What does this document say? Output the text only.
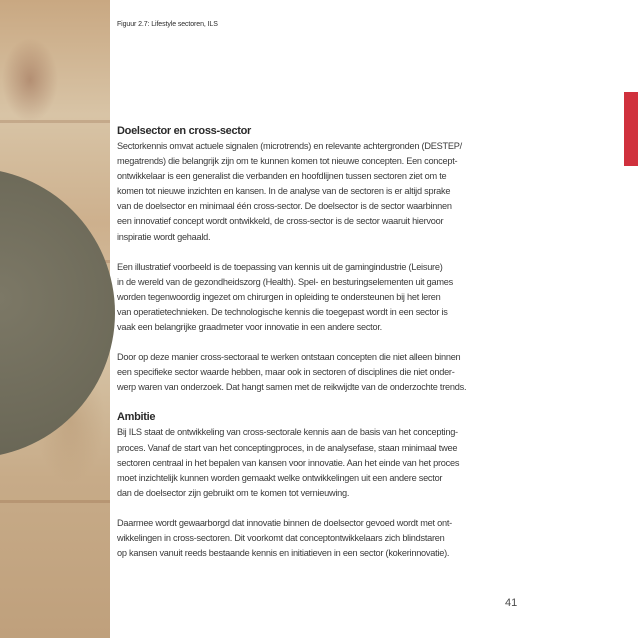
Figuur 2.7: Lifestyle sectoren, ILS
Doelsector en cross-sector

Sectorkennis omvat actuele signalen (microtrends) en relevante achtergronden (DESTEP/
megatrends) die belangrijk zijn om te kunnen komen tot nieuwe concepten. Een concept-
ontwikkelaar is een generalist die verbanden en hoofdlijnen tussen sectoren ziet om te
komen tot nieuwe inzichten en kansen. In de analyse van de sectoren is er altijd sprake
van de doelsector en minimaal één cross-sector. De doelsector is de sector waarbinnen
een innovatief concept wordt ontwikkeld, de cross-sector is de sector waaruit hiervoor
inspiratie wordt gehaald.

Een illustratief voorbeeld is de toepassing van kennis uit de gamingindustrie (Leisure)
in de wereld van de gezondheidszorg (Health). Spel- en besturingselementen uit games
worden tegenwoordig ingezet om chirurgen in opleiding te ondersteunen bij het leren
van operatietechnieken. De technologische kennis die toegepast wordt in een sector is
vaak een belangrijke graadmeter voor innovatie in een andere sector.

Door op deze manier cross-sectoraal te werken ontstaan concepten die niet alleen binnen
een specifieke sector waarde hebben, maar ook in sectoren of disciplines die niet onder-
werp waren van onderzoek. Dat hangt samen met de reikwijdte van de onderzochte trends.

Ambitie

Bij ILS staat de ontwikkeling van cross-sectorale kennis aan de basis van het concepting-
proces. Vanaf de start van het conceptingproces, in de analysefase, staan minimaal twee
sectoren centraal in het bepalen van kansen voor innovatie. Aan het einde van het proces
moet inzichtelijk kunnen worden gemaakt welke ontwikkelingen uit een andere sector
dan de doelsector zijn gebruikt om te komen tot vernieuwing.

Daarmee wordt gewaarborgd dat innovatie binnen de doelsector gevoed wordt met ont-
wikkelingen in cross-sectoren. Dit voorkomt dat conceptontwikkelaars zich blindstaren
op kansen vanuit reeds bestaande kennis en initiatieven in een sector (kokerinnovatie).

41
